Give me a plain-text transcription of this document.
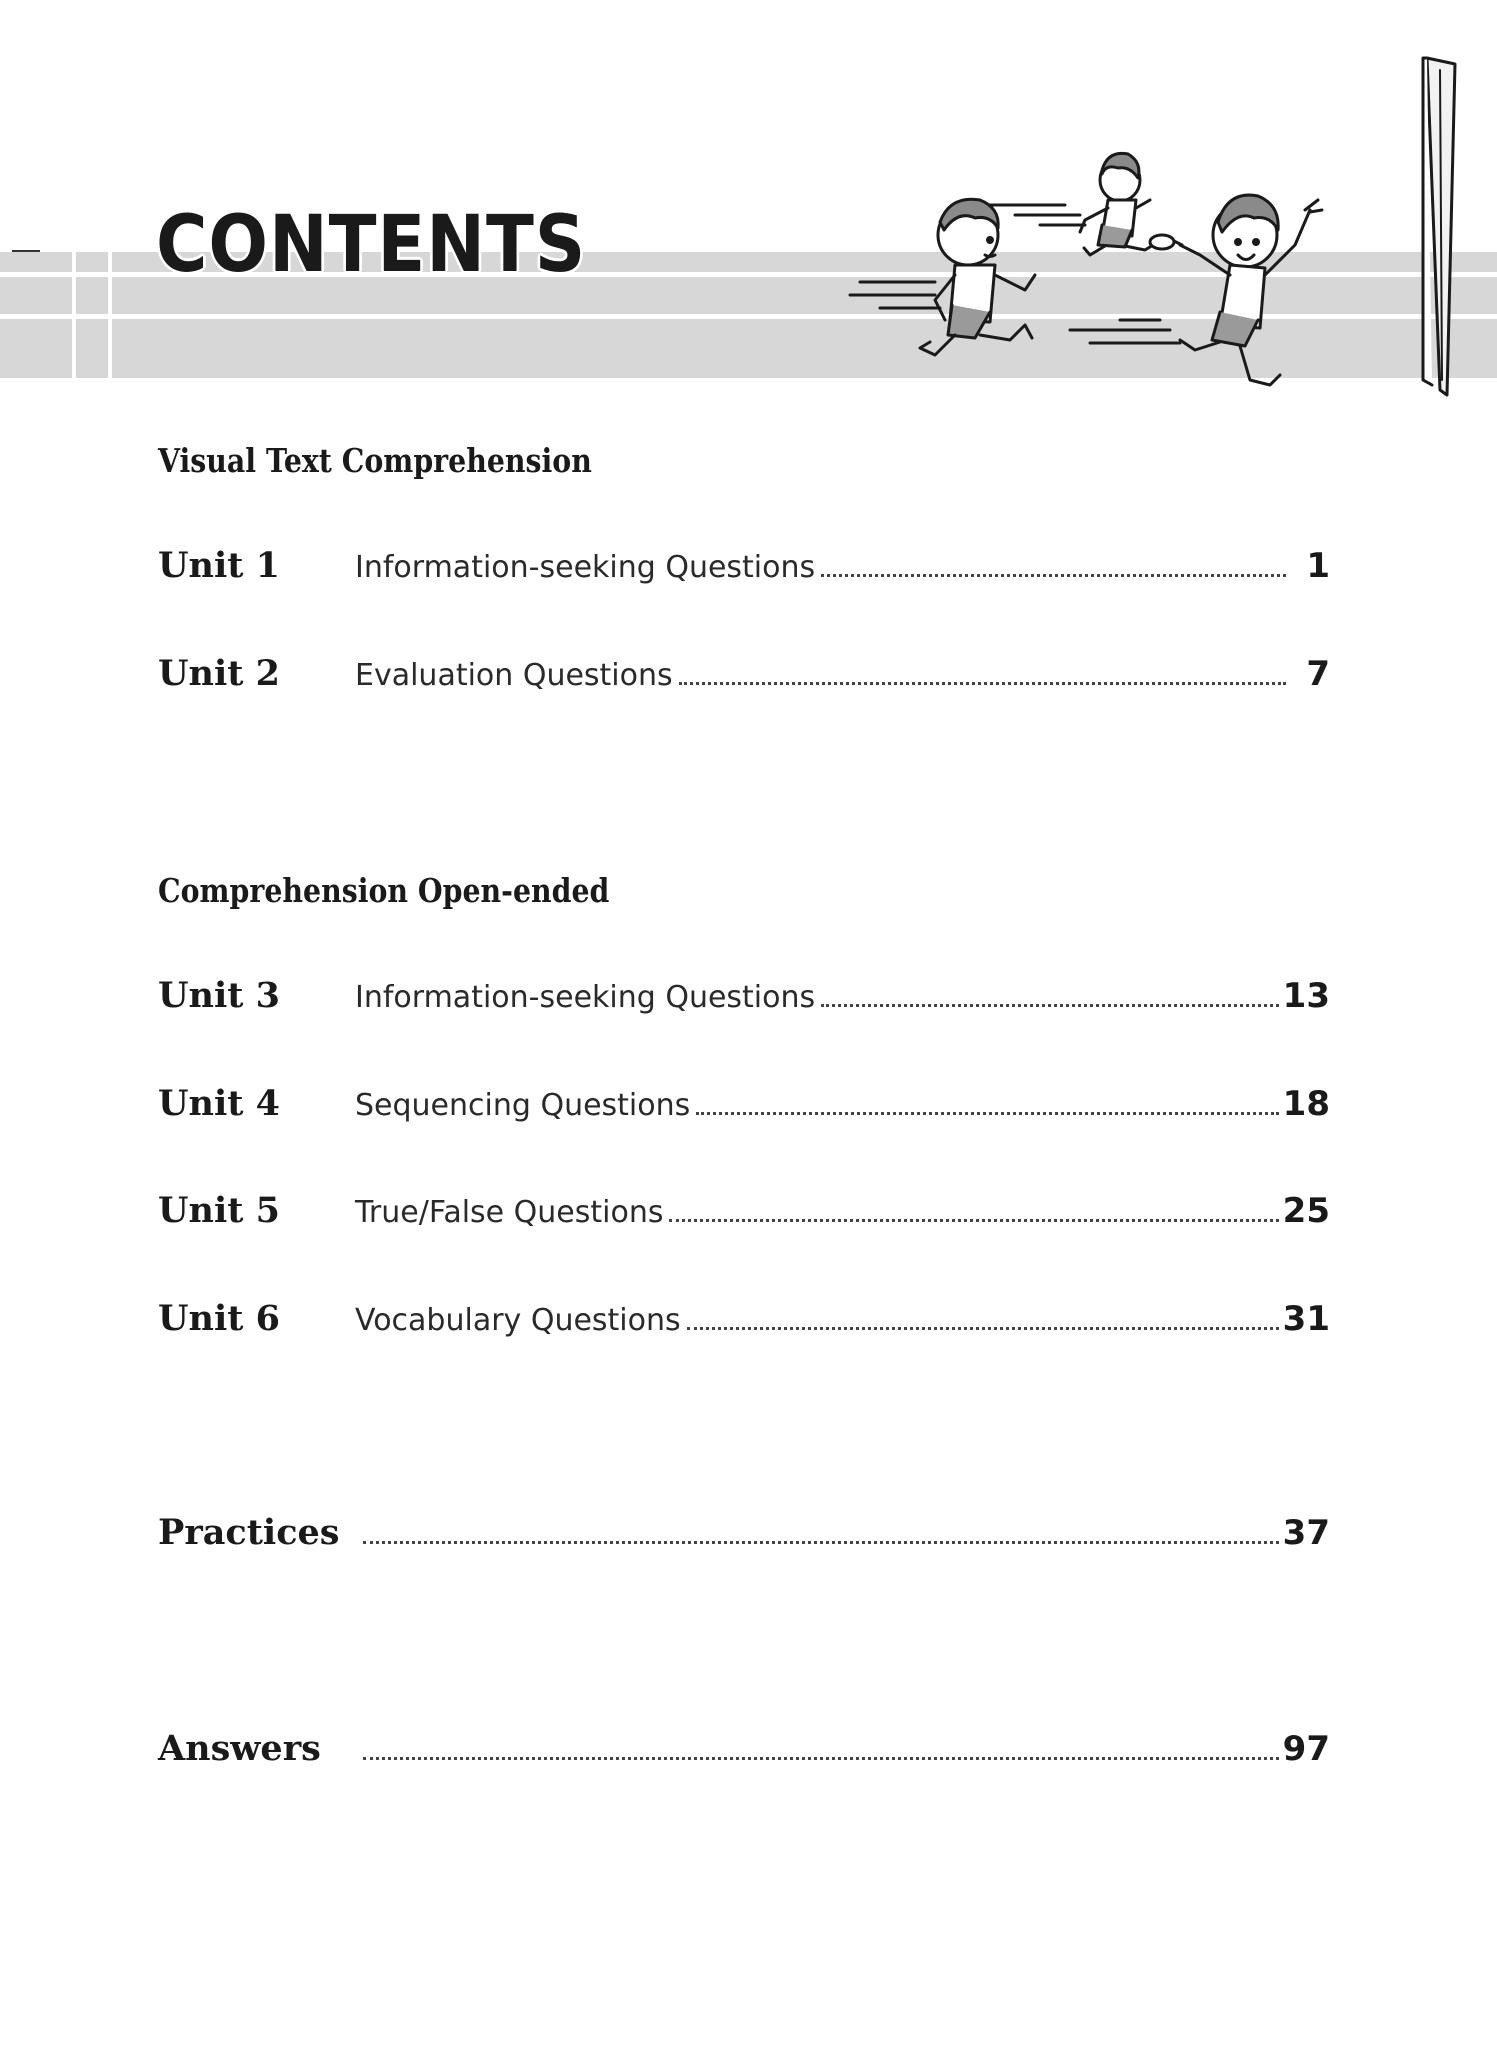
CONTENTS
Visual Text Comprehension
Unit 1	Information-seeking Questions	1
Unit 2	Evaluation Questions	7
Comprehension Open-ended
Unit 3	Information-seeking Questions	13
Unit 4	Sequencing Questions	18
Unit 5	True/False Questions	25
Unit 6	Vocabulary Questions	31
Practices	37
Answers	97
